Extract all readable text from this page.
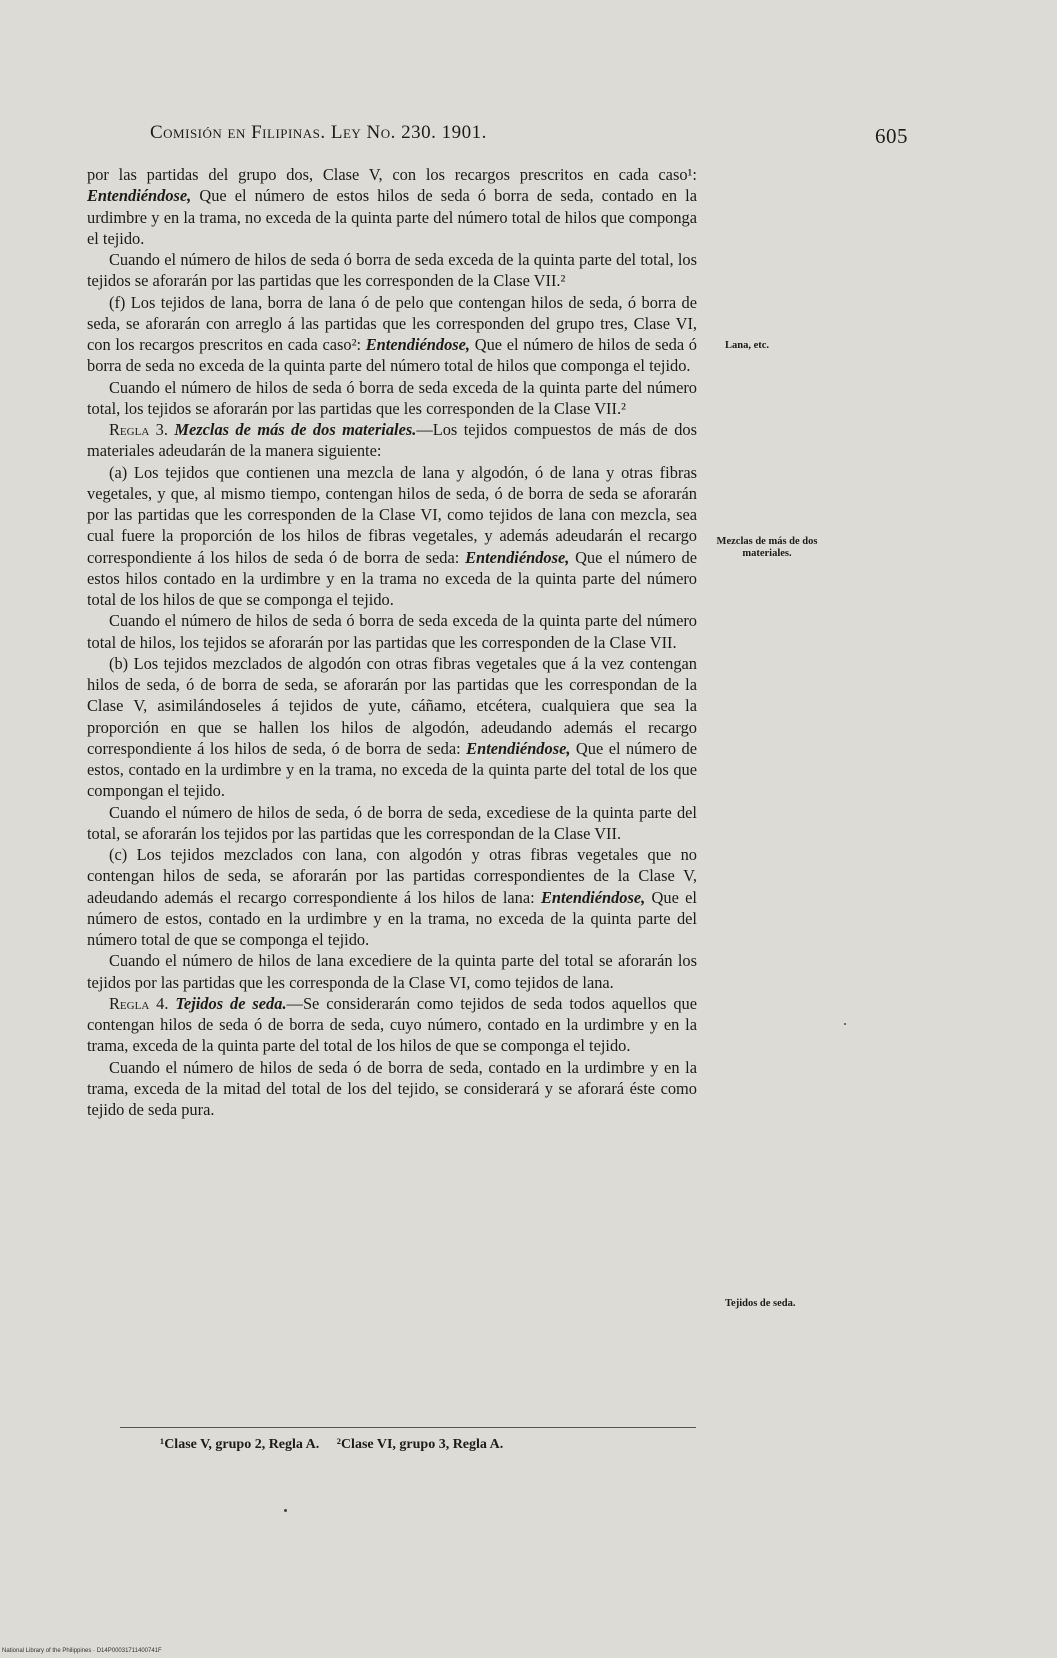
Comisión en Filipinas. Ley No. 230. 1901.	605

por las partidas del grupo dos, Clase V, con los recargos prescritos en cada caso¹: Entendiéndose, Que el número de estos hilos de seda ó borra de seda, contado en la urdimbre y en la trama, no exceda de la quinta parte del número total de hilos que componga el tejido.

Cuando el número de hilos de seda ó borra de seda exceda de la quinta parte del total, los tejidos se aforarán por las partidas que les corresponden de la Clase VII.²

(f) Los tejidos de lana, borra de lana ó de pelo que contengan hilos de seda, ó borra de seda, se aforarán con arreglo á las partidas que les corresponden del grupo tres, Clase VI, con los recargos prescritos en cada caso²: Entendiéndose, Que el número de hilos de seda ó borra de seda no exceda de la quinta parte del número total de hilos que componga el tejido.

Cuando el número de hilos de seda ó borra de seda exceda de la quinta parte del número total, los tejidos se aforarán por las partidas que les corresponden de la Clase VII.²

Regla 3. Mezclas de más de dos materiales.—Los tejidos compuestos de más de dos materiales adeudarán de la manera siguiente:

(a) Los tejidos que contienen una mezcla de lana y algodón, ó de lana y otras fibras vegetales, y que, al mismo tiempo, contengan hilos de seda, ó de borra de seda se aforarán por las partidas que les corresponden de la Clase VI, como tejidos de lana con mezcla, sea cual fuere la proporción de los hilos de fibras vegetales, y además adeudarán el recargo correspondiente á los hilos de seda ó de borra de seda: Entendiéndose, Que el número de estos hilos contado en la urdimbre y en la trama no exceda de la quinta parte del número total de los hilos de que se componga el tejido.

Cuando el número de hilos de seda ó borra de seda exceda de la quinta parte del número total de hilos, los tejidos se aforarán por las partidas que les corresponden de la Clase VII.

(b) Los tejidos mezclados de algodón con otras fibras vegetales que á la vez contengan hilos de seda, ó de borra de seda, se aforarán por las partidas que les correspondan de la Clase V, asimilándoseles á tejidos de yute, cáñamo, etcétera, cualquiera que sea la proporción en que se hallen los hilos de algodón, adeudando además el recargo correspondiente á los hilos de seda, ó de borra de seda: Entendiéndose, Que el número de estos, contado en la urdimbre y en la trama, no exceda de la quinta parte del total de los que compongan el tejido.

Cuando el número de hilos de seda, ó de borra de seda, excediese de la quinta parte del total, se aforarán los tejidos por las partidas que les correspondan de la Clase VII.

(c) Los tejidos mezclados con lana, con algodón y otras fibras vegetales que no contengan hilos de seda, se aforarán por las partidas correspondientes de la Clase V, adeudando además el recargo correspondiente á los hilos de lana: Entendiéndose, Que el número de estos, contado en la urdimbre y en la trama, no exceda de la quinta parte del número total de que se componga el tejido.

Cuando el número de hilos de lana excediere de la quinta parte del total se aforarán los tejidos por las partidas que les corresponda de la Clase VI, como tejidos de lana.

Regla 4. Tejidos de seda.—Se considerarán como tejidos de seda todos aquellos que contengan hilos de seda ó de borra de seda, cuyo número, contado en la urdimbre y en la trama, exceda de la quinta parte del total de los hilos de que se componga el tejido.

Cuando el número de hilos de seda ó de borra de seda, contado en la urdimbre y en la trama, exceda de la mitad del total de los del tejido, se considerará y se aforará éste como tejido de seda pura.

Lana, etc.
Mezclas de más de dos materiales.
Tejidos de seda.
¹Clase V, grupo 2, Regla A. ²Clase VI, grupo 3, Regla A.
National Library of the Philippines · D14P00031711400741F
